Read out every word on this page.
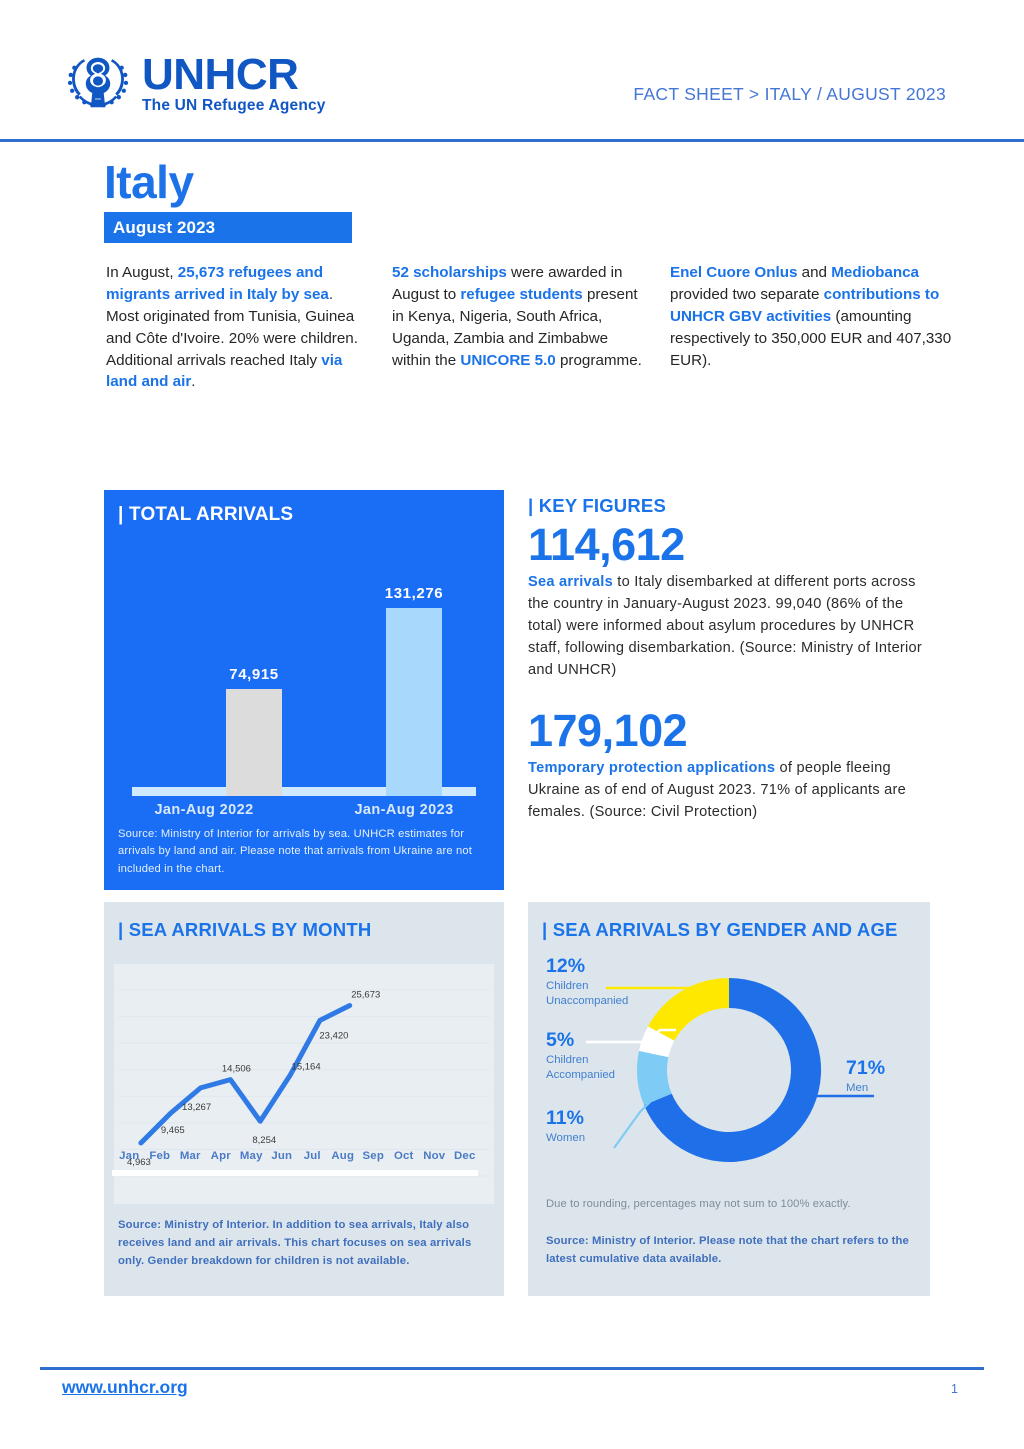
UNHCR
The UN Refugee Agency
FACT SHEET > ITALY / AUGUST 2023
Italy
August 2023
In August, 25,673 refugees and migrants arrived in Italy by sea. Most originated from Tunisia, Guinea and Côte d'Ivoire. 20% were children. Additional arrivals reached Italy via land and air.
52 scholarships were awarded in August to refugee students present in Kenya, Nigeria, South Africa, Uganda, Zambia and Zimbabwe within the UNICORE 5.0 programme.
Enel Cuore Onlus and Mediobanca provided two separate contributions to UNHCR GBV activities (amounting respectively to 350,000 EUR and 407,330 EUR).
| TOTAL ARRIVALS
74,915
131,276
Jan-Aug 2022	Jan-Aug 2023
Source: Ministry of Interior for arrivals by sea. UNHCR estimates for arrivals by land and air. Please note that arrivals from Ukraine are not included in the chart.
| KEY FIGURES
114,612
Sea arrivals to Italy disembarked at different ports across the country in January-August 2023. 99,040 (86% of the total) were informed about asylum procedures by UNHCR staff, following disembarkation. (Source: Ministry of Interior and UNHCR)
179,102
Temporary protection applications of people fleeing Ukraine as of end of August 2023. 71% of applicants are females. (Source: Civil Protection)
| SEA ARRIVALS BY MONTH
4,963
9,465
13,267
14,506
8,254
15,164
23,420
25,673
Jan Feb Mar Apr May Jun	Jul Aug Sep Oct Nov Dec
Source: Ministry of Interior. In addition to sea arrivals, Italy also receives land and air arrivals. This chart focuses on sea arrivals only. Gender breakdown for children is not available.
| SEA ARRIVALS BY GENDER AND AGE
12%
Children
Unaccompanied
5%
Children
Accompanied
11%
Women
71%
Men
Due to rounding, percentages may not sum to 100% exactly.
Source: Ministry of Interior. Please note that the chart refers to the latest cumulative data available.
www.unhcr.org	1
